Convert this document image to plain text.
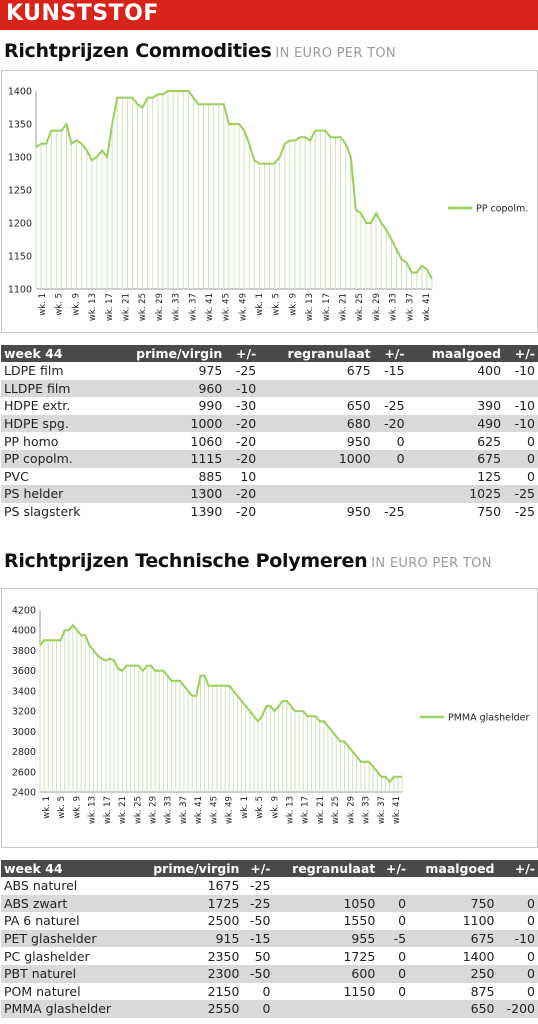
KUNSTSTOF
Richtprijzen Commodities IN EURO PER TON
1100
1150
1200
1250
1300
1350
1400
wk. 1 wk. 5 wk. 9 wk. 13 wk. 17 wk. 21 wk. 25 wk. 29 wk. 33 wk. 37 wk. 41 wk. 45 wk. 49 wk. 1 wk. 5 wk. 9 wk. 13 wk. 17 wk. 21 wk. 25 wk. 29 wk. 33 wk. 37 wk. 41
PP copolm.
week 44	prime/virgin	+/-	regranulaat	+/-	maalgoed	+/-
LDPE film	975	-25	675	-15	400	-10
LLDPE film	960	-10				
HDPE extr.	990	-30	650	-25	390	-10
HDPE spg.	1000	-20	680	-20	490	-10
PP homo	1060	-20	950	0	625	0
PP copolm.	1115	-20	1000	0	675	0
PVC	885	10			125	0
PS helder	1300	-20			1025	-25
PS slagsterk	1390	-20	950	-25	750	-25
Richtprijzen Technische Polymeren IN EURO PER TON
2400
2600
2800
3000
3200
3400
3600
3800
4000
4200
wk. 1 wk. 5 wk. 9 wk. 13 wk. 17 wk. 21 wk. 25 wk. 29 wk. 33 wk. 37 wk. 41 wk. 45 wk. 49 wk. 1 wk. 5 wk. 9 wk. 13 wk. 17 wk. 21 wk. 25 wk. 29 wk. 33 wk. 37 wk. 41
PMMA glashelder
week 44	prime/virgin	+/-	regranulaat	+/-	maalgoed	+/-
ABS naturel	1675	-25				
ABS zwart	1725	-25	1050	0	750	0
PA 6 naturel	2500	-50	1550	0	1100	0
PET glashelder	915	-15	955	-5	675	-10
PC glashelder	2350	50	1725	0	1400	0
PBT naturel	2300	-50	600	0	250	0
POM naturel	2150	0	1150	0	875	0
PMMA glashelder	2550	0			650	-200
